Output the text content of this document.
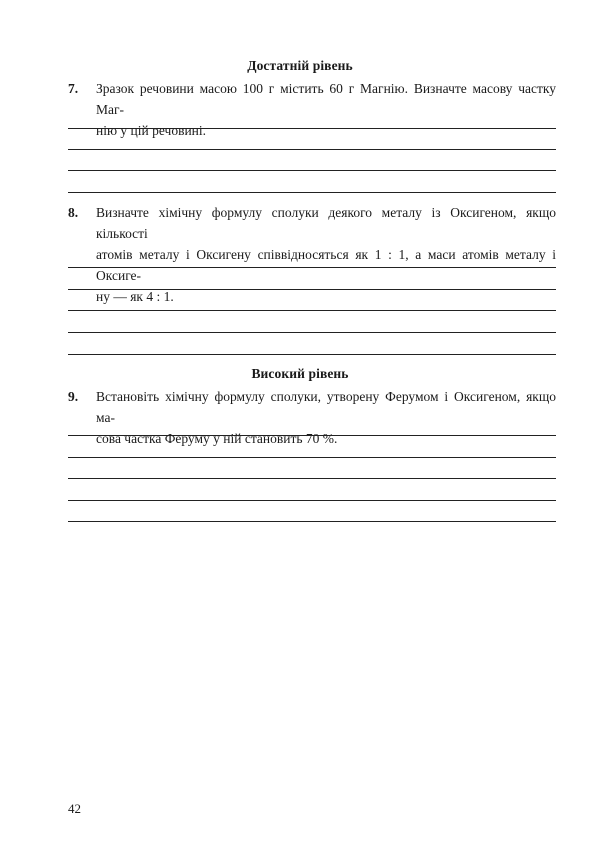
Достатній рівень
7. Зразок речовини масою 100 г містить 60 г Магнію. Визначте масову частку Маг-
нію у цій речовині.
8. Визначте хімічну формулу сполуки деякого металу із Оксигеном, якщо кількості
атомів металу і Оксигену співвідносяться як 1 : 1, а маси атомів металу і Оксиге-
ну — як 4 : 1.
Високий рівень
9. Встановіть хімічну формулу сполуки, утворену Ферумом і Оксигеном, якщо ма-
сова частка Феруму у ній становить 70 %.
42
